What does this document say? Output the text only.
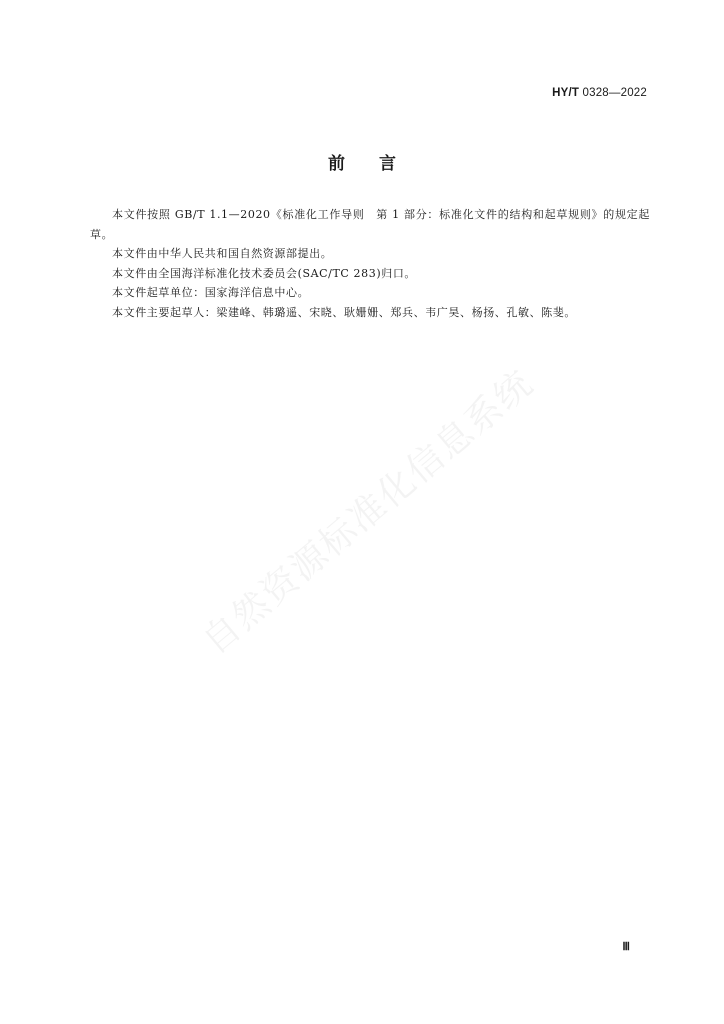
HY/T 0328—2022
前言

本文件按照 GB/T 1.1—2020《标准化工作导则　第 1 部分：标准化文件的结构和起草规则》的规定起草。

本文件由中华人民共和国自然资源部提出。

本文件由全国海洋标准化技术委员会(SAC/TC 283)归口。

本文件起草单位：国家海洋信息中心。

本文件主要起草人：梁建峰、韩璐遥、宋晓、耿姗姗、郑兵、韦广昊、杨扬、孔敏、陈斐。

自然资源标准化信息系统
Ⅲ
